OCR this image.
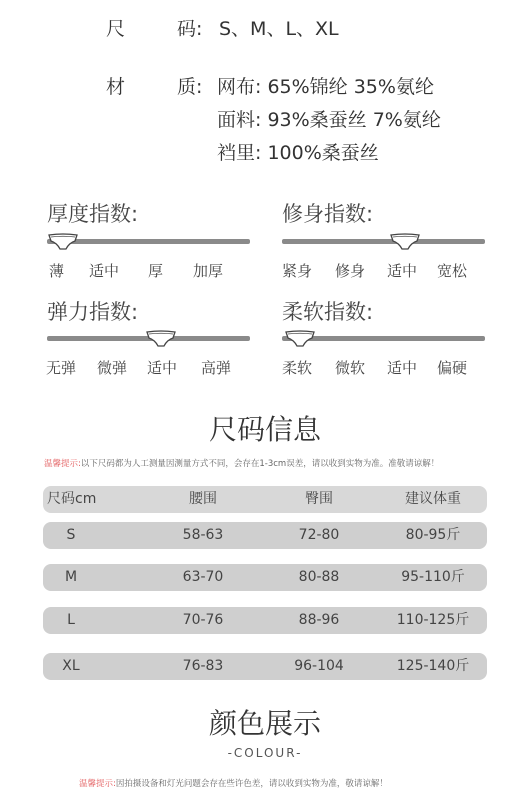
尺	码: S、M、L、XL
材	质: 网布: 65%锦纶 35%氨纶
面料: 93%桑蚕丝 7%氨纶
裆里: 100%桑蚕丝
厚度指数:
薄 适中 厚 加厚
修身指数:
紧身 修身 适中 宽松
弹力指数:
无弹 微弹 适中 高弹
柔软指数:
柔软 微软 适中 偏硬
尺码信息
温馨提示:以下尺码都为人工测量因测量方式不同，会存在1-3cm误差，请以收到实物为准。准敬请谅解！
尺码cm	腰围	臀围	建议体重
S	58-63	72-80	80-95斤
M	63-70	80-88	95-110斤
L	70-76	88-96	110-125斤
XL	76-83	96-104	125-140斤
颜色展示
-COLOUR-
温馨提示:因拍摄设备和灯光问题会存在些许色差，请以收到实物为准，敬请谅解！
